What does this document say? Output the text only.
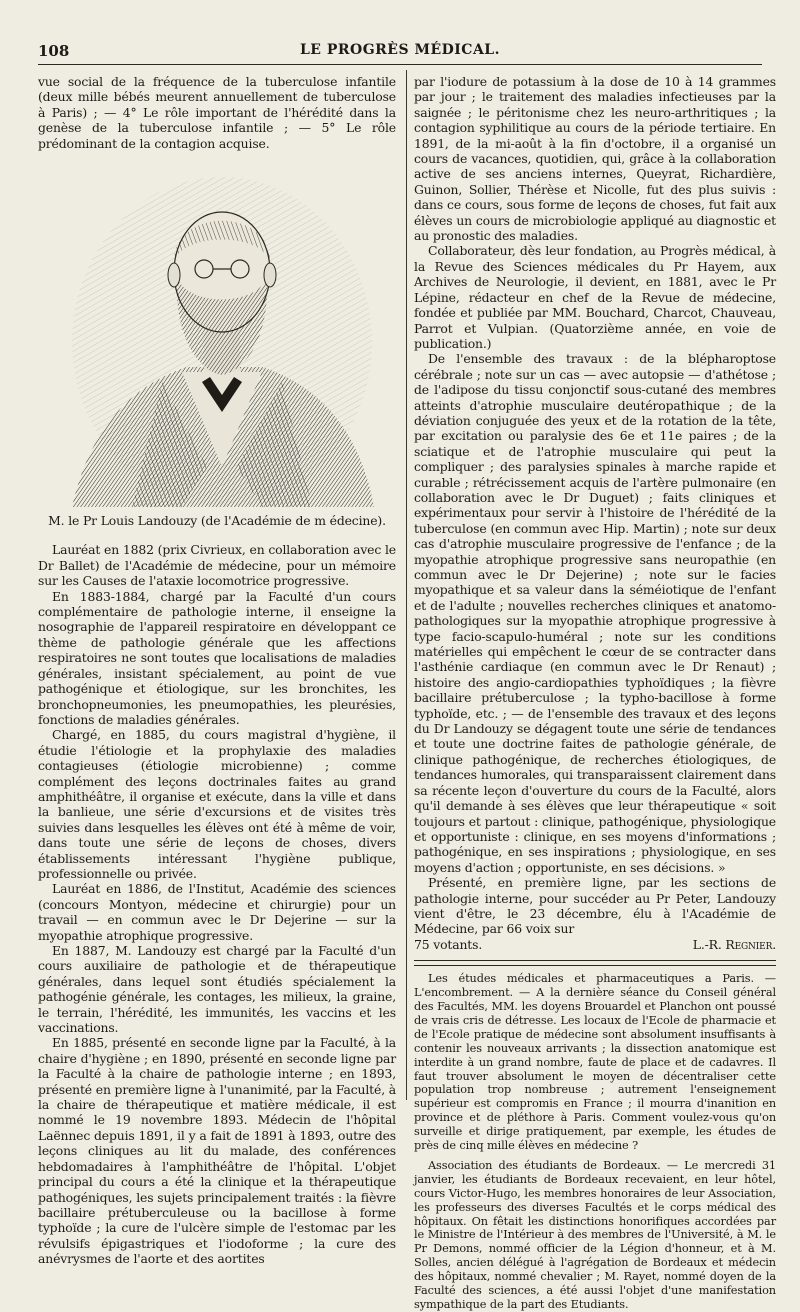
108	LE PROGRÈS MÉDICAL.

vue social de la fréquence de la tuberculose infantile (deux mille bébés meurent annuellement de tuberculose à Paris) ; — 4° Le rôle important de l'hérédité dans la genèse de la tuberculose infantile ; — 5° Le rôle prédominant de la contagion acquise.

M. le Pr Louis Landouzy (de l'Académie de m édecine).

Lauréat en 1882 (prix Civrieux, en collaboration avec le Dr Ballet) de l'Académie de médecine, pour un mémoire sur les Causes de l'ataxie locomotrice progressive.

En 1883-1884, chargé par la Faculté d'un cours complémentaire de pathologie interne, il enseigne la nosographie de l'appareil respiratoire en développant ce thème de pathologie générale que les affections respiratoires ne sont toutes que localisations de maladies générales, insistant spécialement, au point de vue pathogénique et étiologique, sur les bronchites, les bronchopneumonies, les pneumopathies, les pleurésies, fonctions de maladies générales.

Chargé, en 1885, du cours magistral d'hygiène, il étudie l'étiologie et la prophylaxie des maladies contagieuses (étiologie microbienne) ; comme complément des leçons doctrinales faites au grand amphithéâtre, il organise et exécute, dans la ville et dans la banlieue, une série d'excursions et de visites très suivies dans lesquelles les élèves ont été à même de voir, dans toute une série de leçons de choses, divers établissements intéressant l'hygiène publique, professionnelle ou privée.

Lauréat en 1886, de l'Institut, Académie des sciences (concours Montyon, médecine et chirurgie) pour un travail — en commun avec le Dr Dejerine — sur la myopathie atrophique progressive.

En 1887, M. Landouzy est chargé par la Faculté d'un cours auxiliaire de pathologie et de thérapeutique générales, dans lequel sont étudiés spécialement la pathogénie générale, les contages, les milieux, la graine, le terrain, l'hérédité, les immunités, les vaccins et les vaccinations.

En 1885, présenté en seconde ligne par la Faculté, à la chaire d'hygiène ; en 1890, présenté en seconde ligne par la Faculté à la chaire de pathologie interne ; en 1893, présenté en première ligne à l'unanimité, par la Faculté, à la chaire de thérapeutique et matière médicale, il est nommé le 19 novembre 1893. Médecin de l'hôpital Laënnec depuis 1891, il y a fait de 1891 à 1893, outre des leçons cliniques au lit du malade, des conférences hebdomadaires à l'amphithéâtre de l'hôpital. L'objet principal du cours a été la clinique et la thérapeutique pathogéniques, les sujets principalement traités : la fièvre bacillaire prétuberculeuse ou la bacillose à forme typhoïde ; la cure de l'ulcère simple de l'estomac par les révulsifs épigastriques et l'iodoforme ; la cure des anévrysmes de l'aorte et des aortites

par l'iodure de potassium à la dose de 10 à 14 grammes par jour ; le traitement des maladies infectieuses par la saignée ; le péritonisme chez les neuro-arthritiques ; la contagion syphilitique au cours de la période tertiaire. En 1891, de la mi-août à la fin d'octobre, il a organisé un cours de vacances, quotidien, qui, grâce à la collaboration active de ses anciens internes, Queyrat, Richardière, Guinon, Sollier, Thérèse et Nicolle, fut des plus suivis : dans ce cours, sous forme de leçons de choses, fut fait aux élèves un cours de microbiologie appliqué au diagnostic et au pronostic des maladies.

Collaborateur, dès leur fondation, au Progrès médical, à la Revue des Sciences médicales du Pr Hayem, aux Archives de Neurologie, il devient, en 1881, avec le Pr Lépine, rédacteur en chef de la Revue de médecine, fondée et publiée par MM. Bouchard, Charcot, Chauveau, Parrot et Vulpian. (Quatorzième année, en voie de publication.)

De l'ensemble des travaux : de la blépharoptose cérébrale ; note sur un cas — avec autopsie — d'athétose ; de l'adipose du tissu conjonctif sous-cutané des membres atteints d'atrophie musculaire deutéropathique ; de la déviation conjuguée des yeux et de la rotation de la tête, par excitation ou paralysie des 6e et 11e paires ; de la sciatique et de l'atrophie musculaire qui peut la compliquer ; des paralysies spinales à marche rapide et curable ; rétrécissement acquis de l'artère pulmonaire (en collaboration avec le Dr Duguet) ; faits cliniques et expérimentaux pour servir à l'histoire de l'hérédité de la tuberculose (en commun avec Hip. Martin) ; note sur deux cas d'atrophie musculaire progressive de l'enfance ; de la myopathie atrophique progressive sans neuropathie (en commun avec le Dr Dejerine) ; note sur le facies myopathique et sa valeur dans la séméiotique de l'enfant et de l'adulte ; nouvelles recherches cliniques et anatomo-pathologiques sur la myopathie atrophique progressive à type facio-scapulo-huméral ; note sur les conditions matérielles qui empêchent le cœur de se contracter dans l'asthénie cardiaque (en commun avec le Dr Renaut) ; histoire des angio-cardiopathies typhoïdiques ; la fièvre bacillaire prétuberculose ; la typho-bacillose à forme typhoïde, etc. ; — de l'ensemble des travaux et des leçons du Dr Landouzy se dégagent toute une série de tendances et toute une doctrine faites de pathologie générale, de clinique pathogénique, de recherches étiologiques, de tendances humorales, qui transparaissent clairement dans sa récente leçon d'ouverture du cours de la Faculté, alors qu'il demande à ses élèves que leur thérapeutique « soit toujours et partout : clinique, pathogénique, physiologique et opportuniste : clinique, en ses moyens d'informations ; pathogénique, en ses inspirations ; physiologique, en ses moyens d'action ; opportuniste, en ses décisions. »

Présenté, en première ligne, par les sections de pathologie interne, pour succéder au Pr Peter, Landouzy vient d'être, le 23 décembre, élu à l'Académie de Médecine, par 66 voix sur

75 votants.	L.-R. Regnier.

Les études médicales et pharmaceutiques a Paris. — L'encombrement. — A la dernière séance du Conseil général des Facultés, MM. les doyens Brouardel et Planchon ont poussé de vrais cris de détresse. Les locaux de l'Ecole de pharmacie et de l'Ecole pratique de médecine sont absolument insuffisants à contenir les nouveaux arrivants ; la dissection anatomique est interdite à un grand nombre, faute de place et de cadavres. Il faut trouver absolument le moyen de décentraliser cette population trop nombreuse ; autrement l'enseignement supérieur est compromis en France ; il mourra d'inanition en province et de pléthore à Paris. Comment voulez-vous qu'on surveille et dirige pratiquement, par exemple, les études de près de cinq mille élèves en médecine ?

Association des étudiants de Bordeaux. — Le mercredi 31 janvier, les étudiants de Bordeaux recevaient, en leur hôtel, cours Victor-Hugo, les membres honoraires de leur Association, les professeurs des diverses Facultés et le corps médical des hôpitaux. On fêtait les distinctions honorifiques accordées par le Ministre de l'Intérieur à des membres de l'Université, à M. le Pr Demons, nommé officier de la Légion d'honneur, et à M. Solles, ancien délégué à l'agrégation de Bordeaux et médecin des hôpitaux, nommé chevalier ; M. Rayet, nommé doyen de la Faculté des sciences, a été aussi l'objet d'une manifestation sympathique de la part des Etudiants.
